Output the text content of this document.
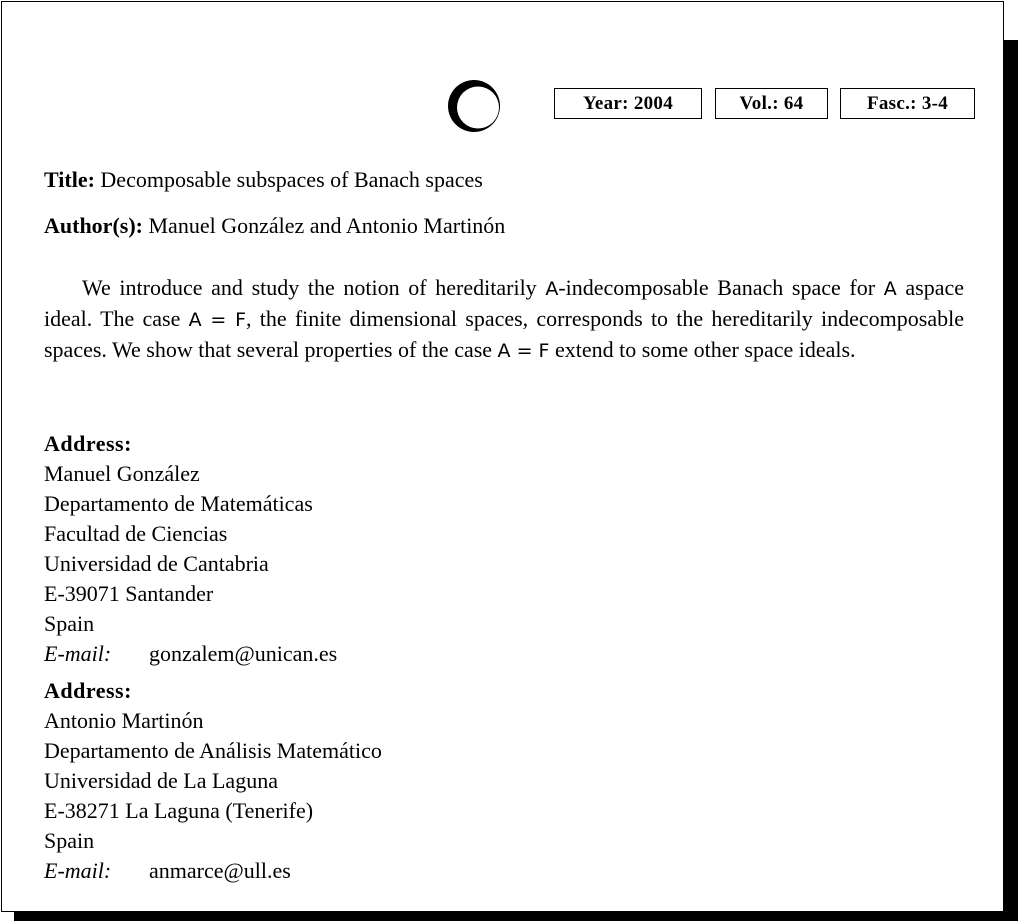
Year: 2004	Vol.: 64	Fasc.: 3-4
Title: Decomposable subspaces of Banach spaces
Author(s): Manuel González and Antonio Martinón
We introduce and study the notion of hereditarily A-indecomposable Banach space for A aspace ideal. The case A = F, the finite dimensional spaces, corresponds to the hereditarily indecomposable spaces. We show that several properties of the case A = F extend to some other space ideals.
Address:
Manuel González
Departamento de Matemáticas
Facultad de Ciencias
Universidad de Cantabria
E-39071 Santander
Spain
E-mail: gonzalem@unican.es
Address:
Antonio Martinón
Departamento de Análisis Matemático
Universidad de La Laguna
E-38271 La Laguna (Tenerife)
Spain
E-mail: anmarce@ull.es
